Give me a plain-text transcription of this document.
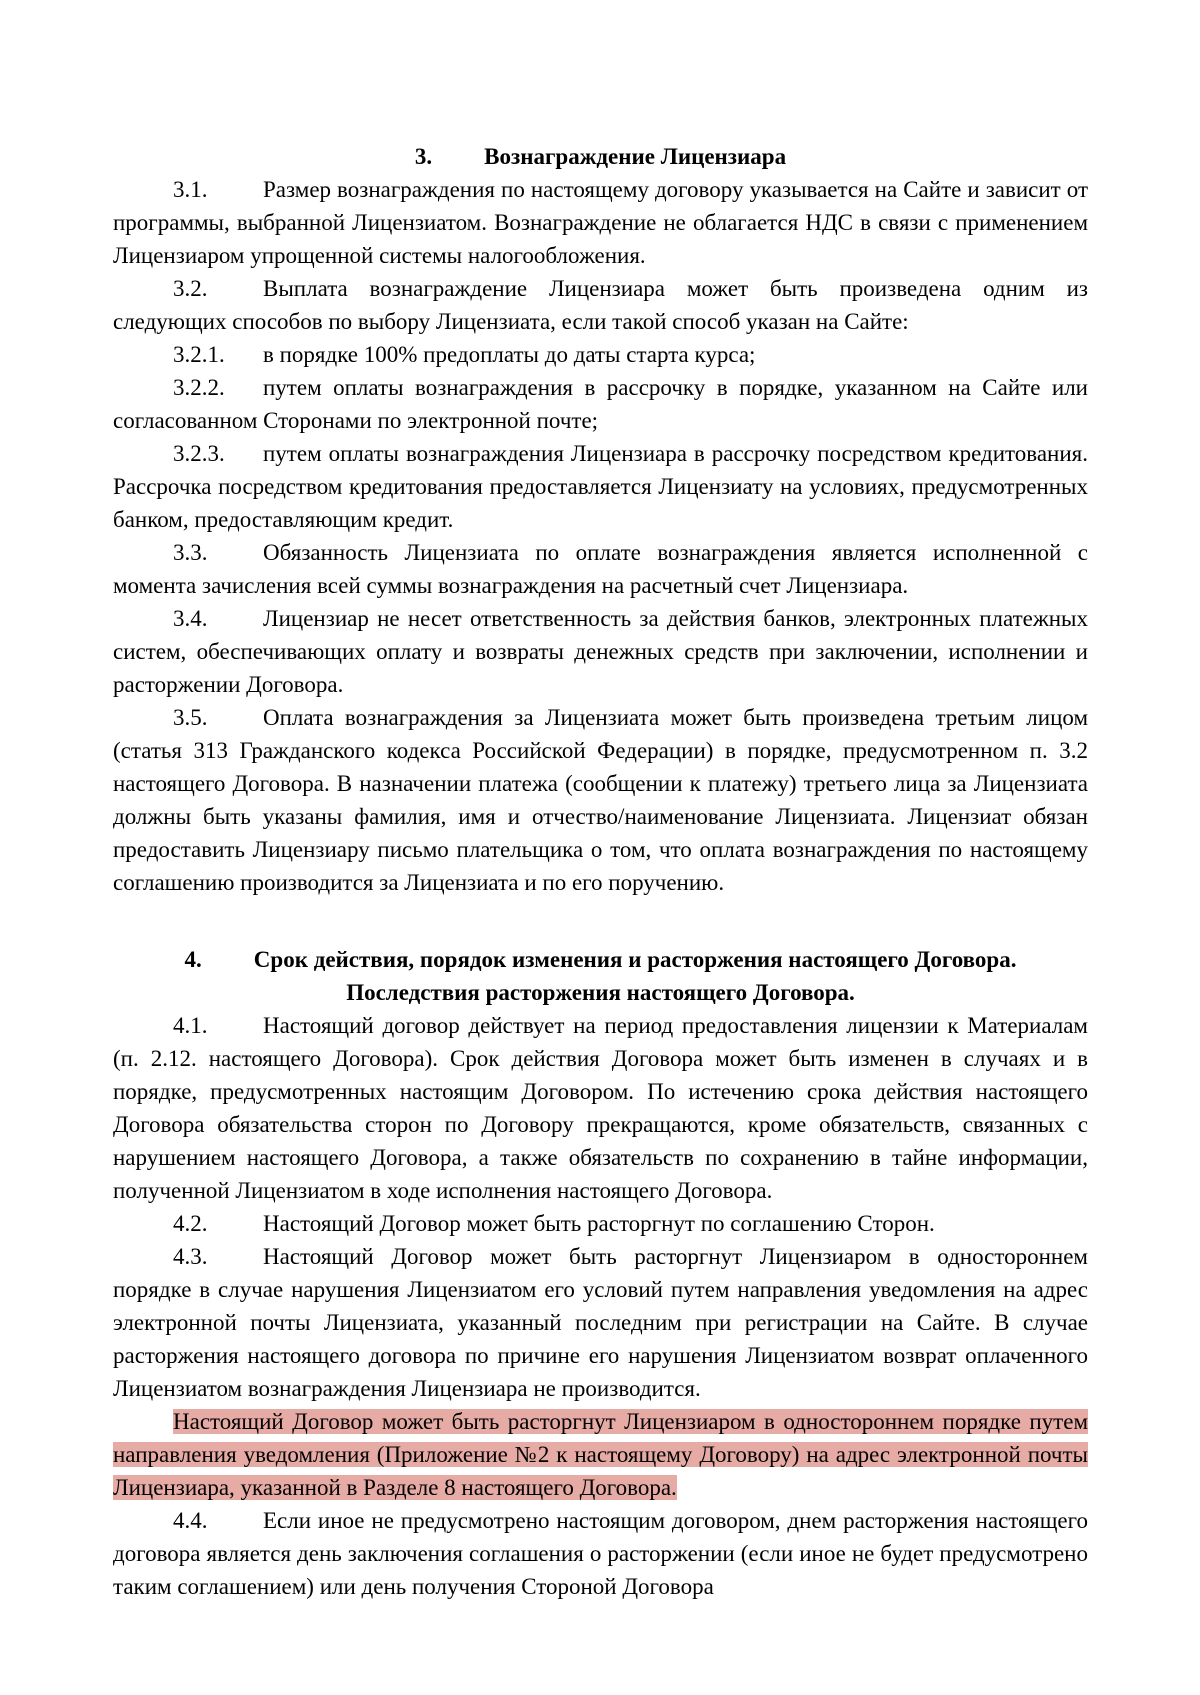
3. Вознаграждение Лицензиара

3.1. Размер вознаграждения по настоящему договору указывается на Сайте и зависит от программы, выбранной Лицензиатом. Вознаграждение не облагается НДС в связи с применением Лицензиаром упрощенной системы налогообложения.

3.2. Выплата вознаграждение Лицензиара может быть произведена одним из следующих способов по выбору Лицензиата, если такой способ указан на Сайте:

3.2.1. в порядке 100% предоплаты до даты старта курса;

3.2.2. путем оплаты вознаграждения в рассрочку в порядке, указанном на Сайте или согласованном Сторонами по электронной почте;

3.2.3. путем оплаты вознаграждения Лицензиара в рассрочку посредством кредитования. Рассрочка посредством кредитования предоставляется Лицензиату на условиях, предусмотренных банком, предоставляющим кредит.

3.3. Обязанность Лицензиата по оплате вознаграждения является исполненной с момента зачисления всей суммы вознаграждения на расчетный счет Лицензиара.

3.4. Лицензиар не несет ответственность за действия банков, электронных платежных систем, обеспечивающих оплату и возвраты денежных средств при заключении, исполнении и расторжении Договора.

3.5. Оплата вознаграждения за Лицензиата может быть произведена третьим лицом (статья 313 Гражданского кодекса Российской Федерации) в порядке, предусмотренном п. 3.2 настоящего Договора. В назначении платежа (сообщении к платежу) третьего лица за Лицензиата должны быть указаны фамилия, имя и отчество/наименование Лицензиата. Лицензиат обязан предоставить Лицензиару письмо плательщика о том, что оплата вознаграждения по настоящему соглашению производится за Лицензиата и по его поручению.

4. Срок действия, порядок изменения и расторжения настоящего Договора.
Последствия расторжения настоящего Договора.

4.1. Настоящий договор действует на период предоставления лицензии к Материалам (п. 2.12. настоящего Договора). Срок действия Договора может быть изменен в случаях и в порядке, предусмотренных настоящим Договором. По истечению срока действия настоящего Договора обязательства сторон по Договору прекращаются, кроме обязательств, связанных с нарушением настоящего Договора, а также обязательств по сохранению в тайне информации, полученной Лицензиатом в ходе исполнения настоящего Договора.

4.2. Настоящий Договор может быть расторгнут по соглашению Сторон.

4.3. Настоящий Договор может быть расторгнут Лицензиаром в одностороннем порядке в случае нарушения Лицензиатом его условий путем направления уведомления на адрес электронной почты Лицензиата, указанный последним при регистрации на Сайте. В случае расторжения настоящего договора по причине его нарушения Лицензиатом возврат оплаченного Лицензиатом вознаграждения Лицензиара не производится.

Настоящий Договор может быть расторгнут Лицензиаром в одностороннем порядке путем направления уведомления (Приложение №2 к настоящему Договору) на адрес электронной почты Лицензиара, указанной в Разделе 8 настоящего Договора.

4.4. Если иное не предусмотрено настоящим договором, днем расторжения настоящего договора является день заключения соглашения о расторжении (если иное не будет предусмотрено таким соглашением) или день получения Стороной Договора
